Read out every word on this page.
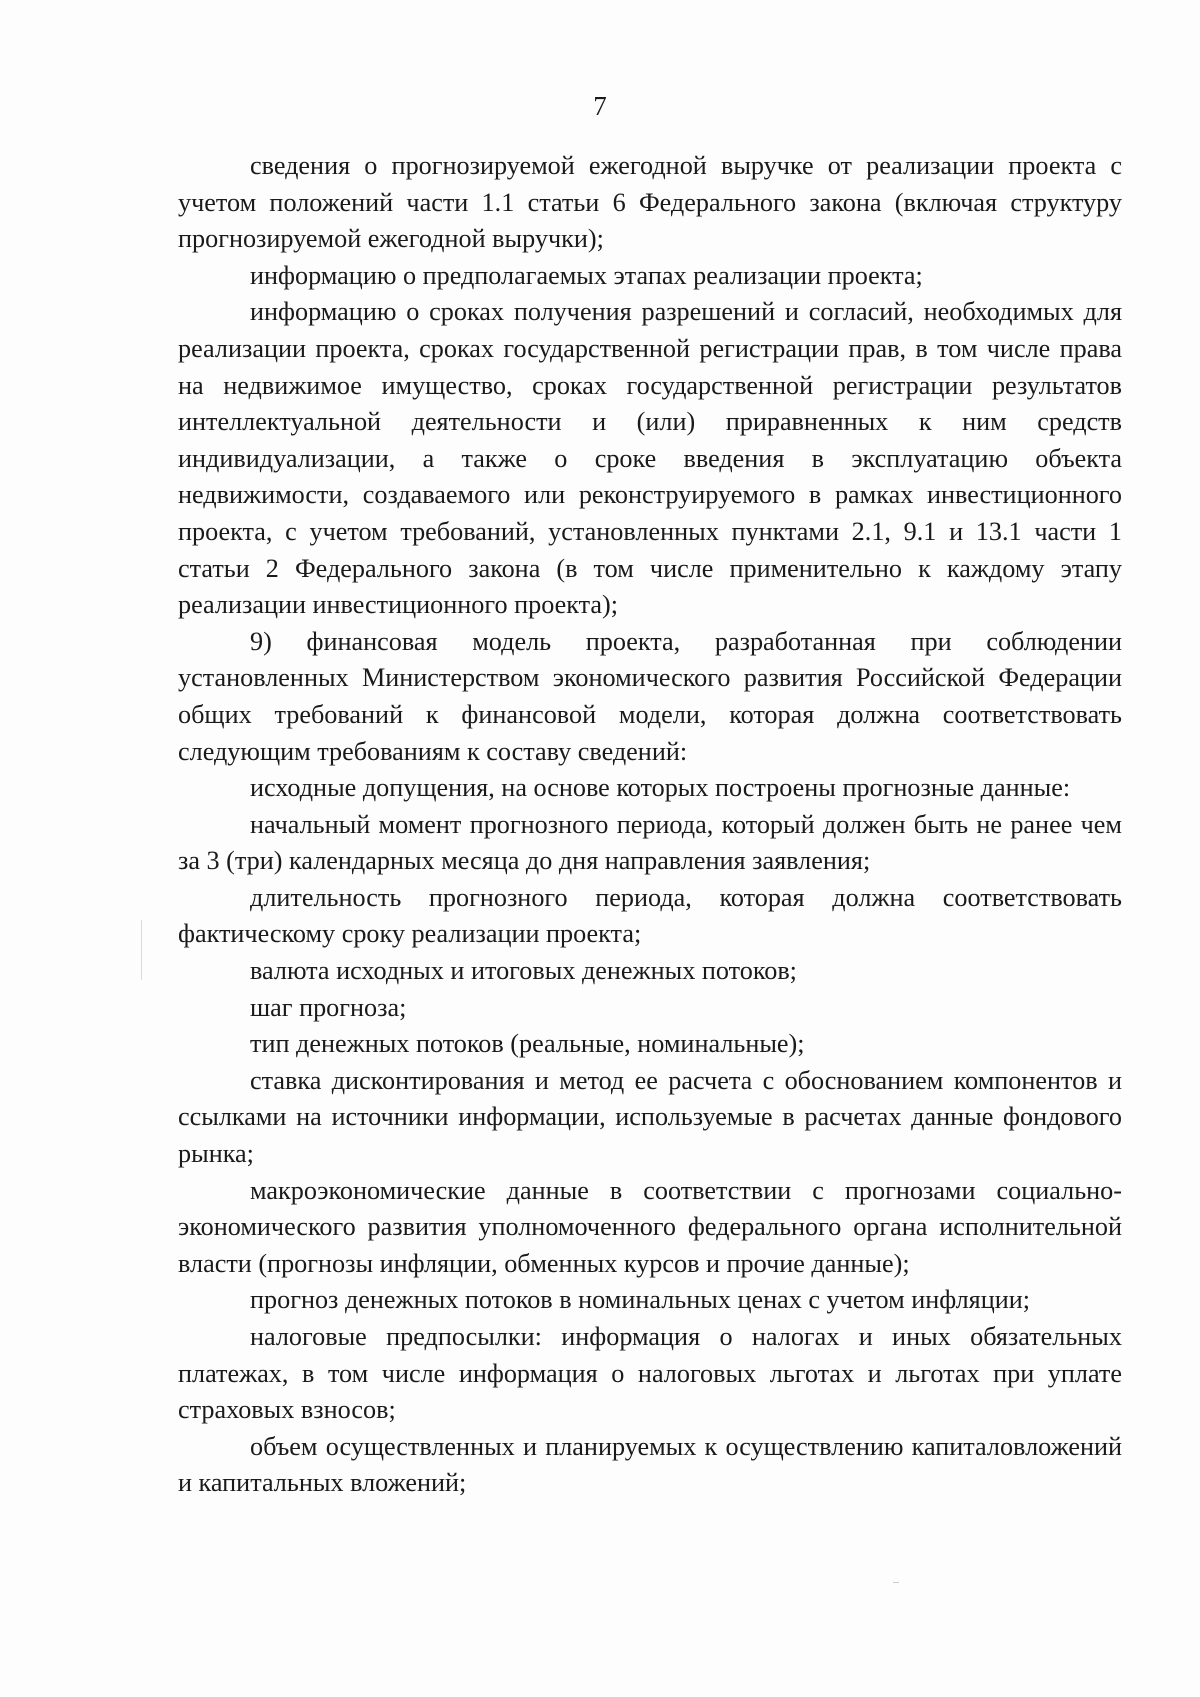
7

сведения о прогнозируемой ежегодной выручке от реализации проекта с учетом положений части 1.1 статьи 6 Федерального закона (включая структуру прогнозируемой ежегодной выручки);

информацию о предполагаемых этапах реализации проекта;

информацию о сроках получения разрешений и согласий, необходимых для реализации проекта, сроках государственной регистрации прав, в том числе права на недвижимое имущество, сроках государственной регистрации результатов интеллектуальной деятельности и (или) приравненных к ним средств индивидуализации, а также о сроке введения в эксплуатацию объекта недвижимости, создаваемого или реконструируемого в рамках инвестиционного проекта, с учетом требований, установленных пунктами 2.1, 9.1 и 13.1 части 1 статьи 2 Федерального закона (в том числе применительно к каждому этапу реализации инвестиционного проекта);

9) финансовая модель проекта, разработанная при соблюдении установленных Министерством экономического развития Российской Федерации общих требований к финансовой модели, которая должна соответствовать следующим требованиям к составу сведений:

исходные допущения, на основе которых построены прогнозные данные:

начальный момент прогнозного периода, который должен быть не ранее чем за 3 (три) календарных месяца до дня направления заявления;

длительность прогнозного периода, которая должна соответствовать фактическому сроку реализации проекта;

валюта исходных и итоговых денежных потоков;

шаг прогноза;

тип денежных потоков (реальные, номинальные);

ставка дисконтирования и метод ее расчета с обоснованием компонентов и ссылками на источники информации, используемые в расчетах данные фондового рынка;

макроэкономические данные в соответствии с прогнозами социально-экономического развития уполномоченного федерального органа исполнительной власти (прогнозы инфляции, обменных курсов и прочие данные);

прогноз денежных потоков в номинальных ценах с учетом инфляции;

налоговые предпосылки: информация о налогах и иных обязательных платежах, в том числе информация о налоговых льготах и льготах при уплате страховых взносов;

объем осуществленных и планируемых к осуществлению капиталовложений и капитальных вложений;
